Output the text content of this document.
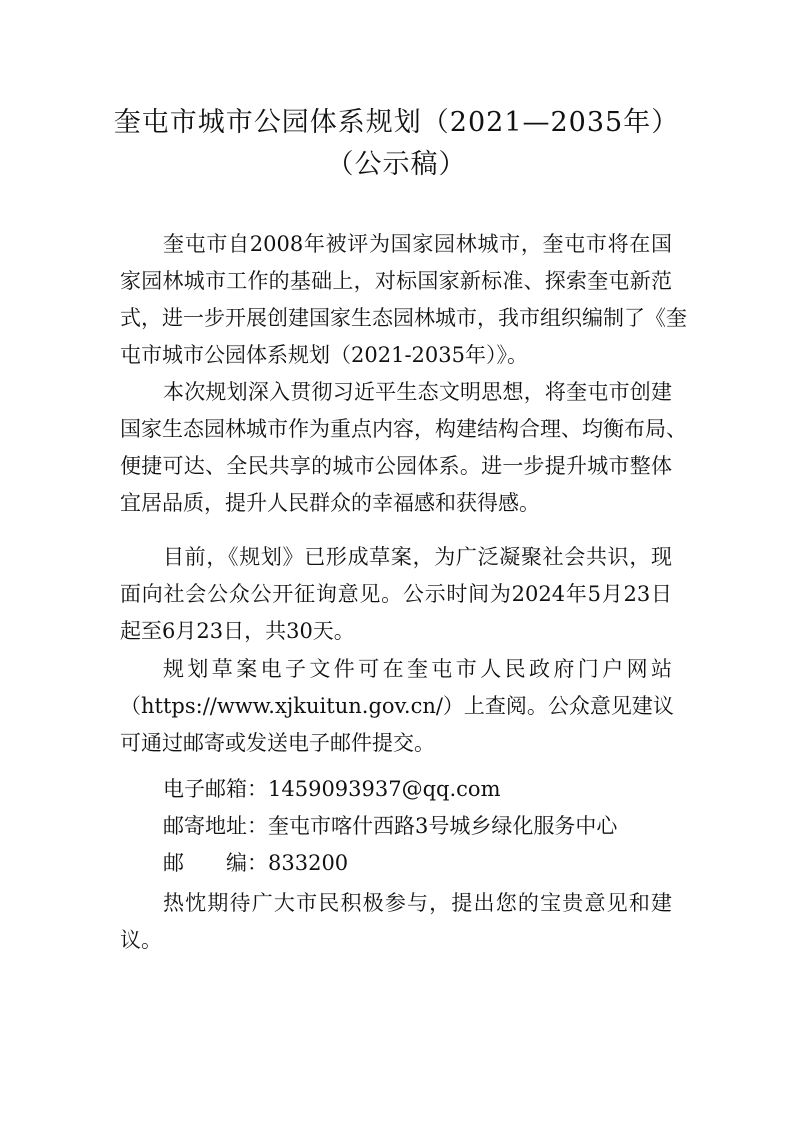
奎屯市城市公园体系规划（2021—2035年）
（公示稿）
奎屯市自2008年被评为国家园林城市，奎屯市将在国
家园林城市工作的基础上，对标国家新标准、探索奎屯新范
式，进一步开展创建国家生态园林城市，我市组织编制了《奎
屯市城市公园体系规划（2021-2035年）》。
本次规划深入贯彻习近平生态文明思想，将奎屯市创建
国家生态园林城市作为重点内容，构建结构合理、均衡布局、
便捷可达、全民共享的城市公园体系。进一步提升城市整体
宜居品质，提升人民群众的幸福感和获得感。
目前，《规划》已形成草案，为广泛凝聚社会共识，现
面向社会公众公开征询意见。公示时间为2024年5月23日
起至6月23日，共30天。
规划草案电子文件可在奎屯市人民政府门户网站
（https://www.xjkuitun.gov.cn/）上查阅。公众意见建议
可通过邮寄或发送电子邮件提交。
电子邮箱：1459093937@qq.com
邮寄地址：奎屯市喀什西路3号城乡绿化服务中心
邮　　编：833200
热忱期待广大市民积极参与，提出您的宝贵意见和建
议。
